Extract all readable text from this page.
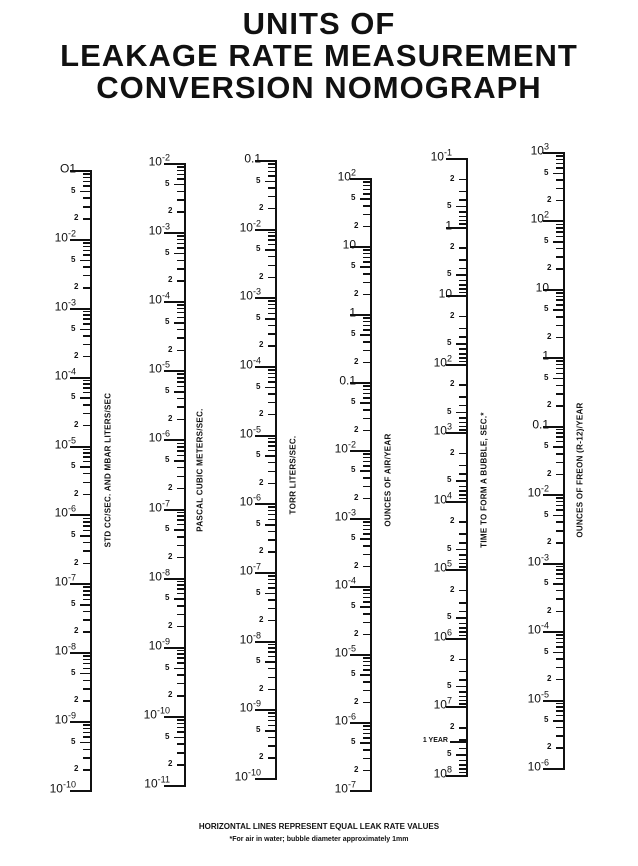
UNITS OF
LEAKAGE RATE MEASUREMENT
CONVERSION NOMOGRAPH
O1
2
5
$10^{-2}$
2
5
$10^{-3}$
2
5
$10^{-4}$
2
5
$10^{-5}$
2
5
$10^{-6}$
2
5
$10^{-7}$
2
5
$10^{-8}$
2
5
$10^{-9}$
2
5
$10^{-10}$
STD CC/SEC. AND MBAR LITERS/SEC
$10^{-2}$
2
5
$10^{-3}$
2
5
$10^{-4}$
2
5
$10^{-5}$
2
5
$10^{-6}$
2
5
$10^{-7}$
2
5
$10^{-8}$
2
5
$10^{-9}$
2
5
$10^{-10}$
2
5
$10^{-11}$
PASCAL CUBIC METERS/SEC.
0.1
2
5
$10^{-2}$
2
5
$10^{-3}$
2
5
$10^{-4}$
2
5
$10^{-5}$
2
5
$10^{-6}$
2
5
$10^{-7}$
2
5
$10^{-8}$
2
5
$10^{-9}$
2
5
$10^{-10}$
TORR LITERS/SEC.
$10^2$
2
5
10
2
5
1
2
5
0.1
2
5
$10^{-2}$
2
5
$10^{-3}$
2
5
$10^{-4}$
2
5
$10^{-5}$
2
5
$10^{-6}$
2
5
$10^{-7}$
OUNCES OF AIR/YEAR
$10^{-1}$
2
5
1
2
5
10
2
5
$10^2$
2
5
$10^3$
2
5
$10^4$
2
5
$10^5$
2
5
$10^6$
2
5
$10^7$
2
5
$10^8$
1 YEAR
TIME TO FORM A BUBBLE, SEC.*
$10^3$
2
5
$10^2$
2
5
10
2
5
1
2
5
0.1
2
5
$10^{-2}$
2
5
$10^{-3}$
2
5
$10^{-4}$
2
5
$10^{-5}$
2
5
$10^{-6}$
OUNCES OF FREON (R-12)/YEAR
HORIZONTAL LINES REPRESENT EQUAL LEAK RATE VALUES
*For air in water; bubble diameter approximately 1mm
